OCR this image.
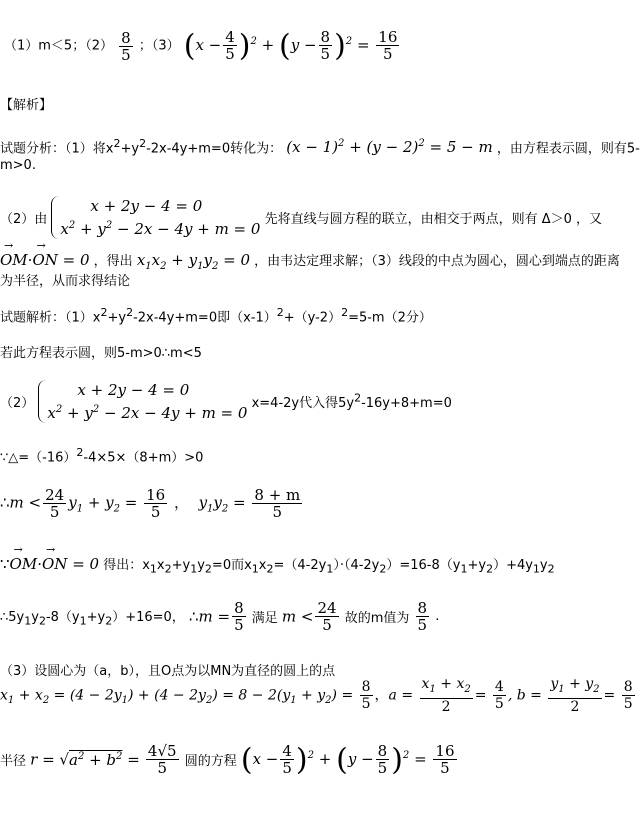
（1）m＜5；$(2) \frac{8}{5}$ ；（3） $(x - \frac{4}{5} )^2 + (y - \frac{8}{5} )^2 = \frac{16}{5}$
【解析】
试题分析：（1）将$x^2+y^2-2x-4y+m=0$转化为： $(x - 1)^2 + (y - 2)^2 = 5 - m$ ，由方程表示圆，则有5-
m>0.
（2）由
x + 2y − 4 = 0
$x^2 + y^2 - 2x - 4y + m = 0$
先将直线与圆方程的联立，由相交于两点，则有 Δ＞0 ，又
→ OM·→ ON = 0 ，得出 $x_1x_2 + y_1y_2 = 0$ ，由韦达定理求解；（3）线段的中点为圆心，圆心到端点的距离
为半径，从而求得结论
试题解析：$(1)x^2+y^2-2x-4y+m=0$即$(x-1)^2+(y-2)^2=5-m(2$分）
若此方程表示圆，则5-m>0∴m<5
（2）
x + 2y − 4 = 0
$x^2 + y^2 - 2x - 4y + m = 0$
x=4-2y代入得$5y^2-16y+8+m=0$
$\because\triangle=(-16)^2-4\times 5\times(8+m)>0$
∴m < $\frac{24}{5} y_1 + y_2 = \frac{16}{5}$ ，  $y_1y_2 = \frac{8 + m}{5}$
∵→ OM·→ ON = 0 得出：$x_1x_2+y_1y_2=0$而$x_1x_2=(4-2y_1)\cdot(4-2y_2)=16-8(y_1+y_2)+4y_1y_2$
$\therefore 5y_1y_2-8(y_1+y_2)+16=0$， ∴m = $\frac{8}{5}$ 满足 $m < \frac{24}{5}$ 故的m值为 $\frac{8}{5}$ .
（3）设圆心为（a，b），且O点为以MN为直径的圆上的点
$x_1 + x_2 = (4 - 2y_1) + (4 - 2y_2) = 8 - 2(y_1 + y_2) = \frac{8}{5}$ ，$a = \frac{x_1 + x_2}{2} = \frac{4}{5}$ , $b = \frac{y_1 + y_2}{2} = \frac{8}{5}$
半径 $r = √a^2 + b^2 = \frac{4√5}{5}$ 圆的方程 $(x - \frac{4}{5} )^2 + (y - \frac{8}{5} )^2 = \frac{16}{5}$
